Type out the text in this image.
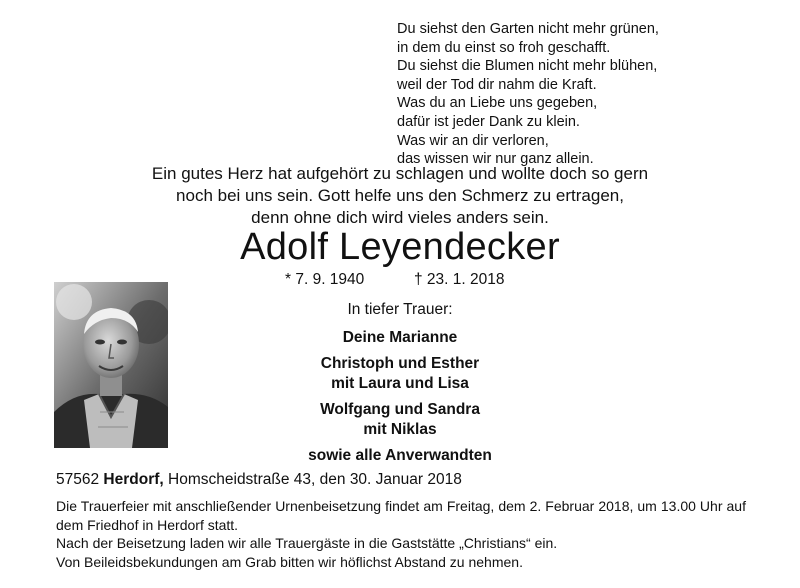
Du siehst den Garten nicht mehr grünen,
in dem du einst so froh geschafft.
Du siehst die Blumen nicht mehr blühen,
weil der Tod dir nahm die Kraft.
Was du an Liebe uns gegeben,
dafür ist jeder Dank zu klein.
Was wir an dir verloren,
das wissen wir nur ganz allein.
Ein gutes Herz hat aufgehört zu schlagen und wollte doch so gern
noch bei uns sein. Gott helfe uns den Schmerz zu ertragen,
denn ohne dich wird vieles anders sein.
Adolf Leyendecker
* 7. 9. 1940	† 23. 1. 2018
In tiefer Trauer:
Deine Marianne
Christoph und Esther
mit Laura und Lisa
Wolfgang und Sandra
mit Niklas
sowie alle Anverwandten
57562 Herdorf, Homscheidstraße 43, den 30. Januar 2018
Die Trauerfeier mit anschließender Urnenbeisetzung findet am Freitag, dem 2. Februar 2018, um 13.00 Uhr auf dem Friedhof in Herdorf statt.
Nach der Beisetzung laden wir alle Trauergäste in die Gaststätte „Christians“ ein.
Von Beileidsbekundungen am Grab bitten wir höflichst Abstand zu nehmen.
